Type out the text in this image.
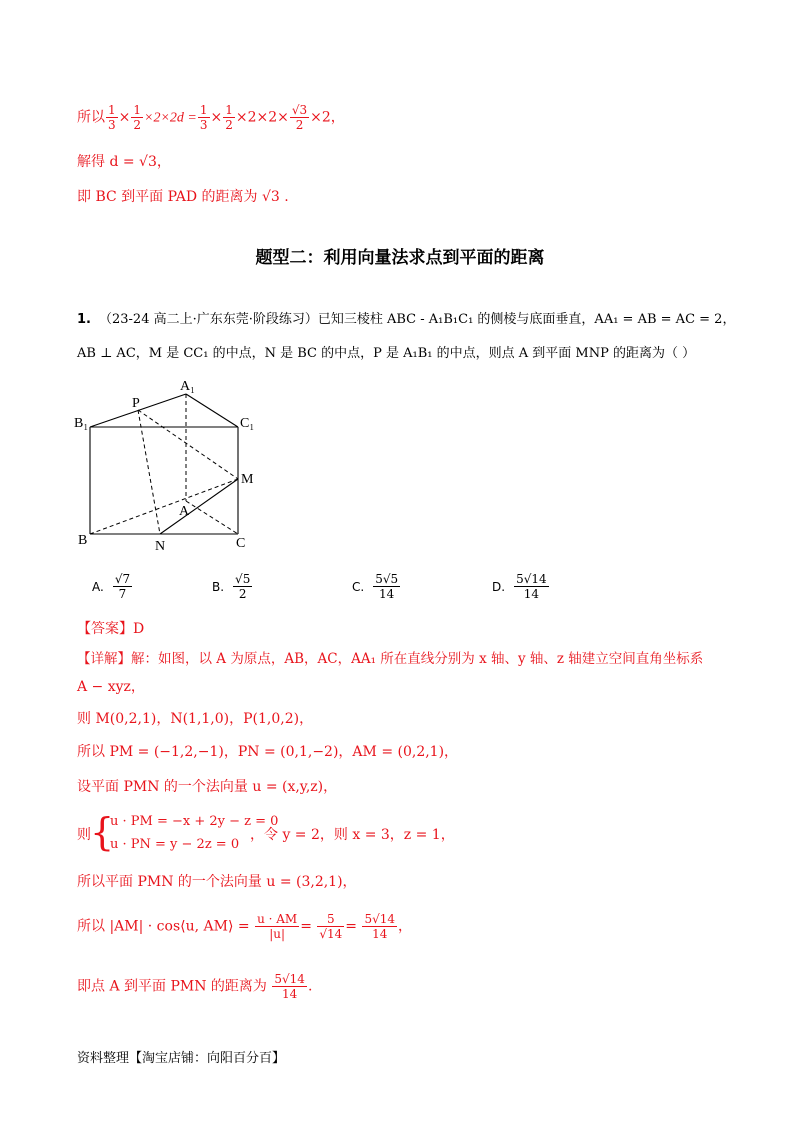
所以 $\frac{1}{3} \times \frac{1}{2} \times 2\times 2d = \frac{1}{3} \times \frac{1}{2} \times 2\times 2\times \frac{√3}{2} \times 2$，
解得 d = √3，
即 BC 到平面 PAD 的距离为 √3 .
题型二：利用向量法求点到平面的距离
1. （23-24 高二上·广东东莞·阶段练习）已知三棱柱 ABC - A₁B₁C₁ 的侧棱与底面垂直，AA₁ = AB = AC = 2，
AB ⊥ AC，M 是 CC₁ 的中点，N 是 BC 的中点，P 是 A₁B₁ 的中点，则点 A 到平面 MNP 的距离为（ ）
A₁
B₁	C₁
P
M
A
B	N	C
A. $\frac{√7}{7}$	B. $\frac{√5}{2}$	C. $\frac{5√5}{14}$	D. $\frac{5√14}{14}$
【答案】D
【详解】解：如图，以 A 为原点，AB，AC，AA₁ 所在直线分别为 x 轴、y 轴、z 轴建立空间直角坐标系
A − xyz，
则 M(0,2,1)，N(1,1,0)，P(1,0,2)，
所以 PM = (−1,2,−1)，PN = (0,1,−2)，AM = (0,2,1)，
设平面 PMN 的一个法向量 u = (x,y,z)，
则 {
u · PM = −x + 2y − z = 0
u · PN = y − 2z = 0
，令 y = 2，则 x = 3，z = 1，
所以平面 PMN 的一个法向量 u = (3,2,1)，
所以 |AM| · cos⟨u, AM⟩ = $\frac{u \cdot AM}{|u|} = \frac{5}{√14} = \frac{5√14}{14}$ ，
即点 A 到平面 PMN 的距离为 $\frac{5√14}{14}$ .
资料整理【淘宝店铺：向阳百分百】
